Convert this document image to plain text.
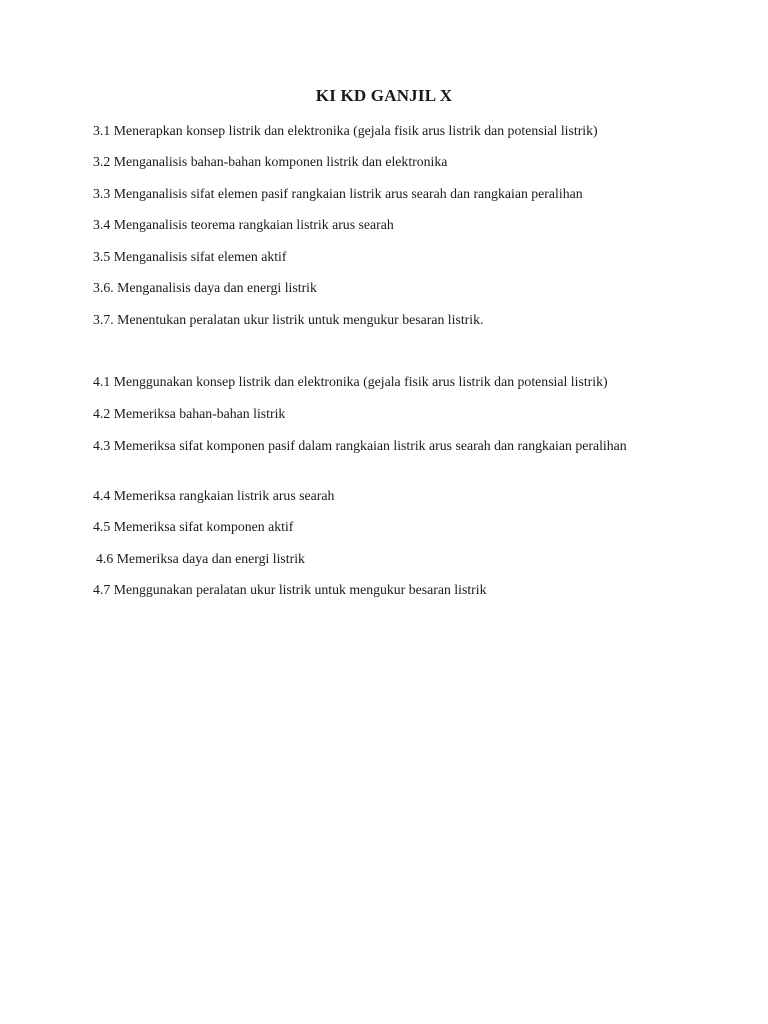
KI KD GANJIL X
3.1 Menerapkan konsep listrik dan elektronika (gejala fisik arus listrik dan potensial listrik)
3.2 Menganalisis bahan-bahan komponen listrik dan elektronika
3.3 Menganalisis sifat elemen pasif rangkaian listrik arus searah dan rangkaian peralihan
3.4 Menganalisis teorema rangkaian listrik arus searah
3.5 Menganalisis sifat elemen aktif
3.6. Menganalisis daya dan energi listrik
3.7. Menentukan peralatan ukur listrik untuk mengukur besaran listrik.
4.1 Menggunakan konsep listrik dan elektronika (gejala fisik arus listrik dan potensial listrik)
4.2 Memeriksa bahan-bahan listrik
4.3 Memeriksa sifat komponen pasif dalam rangkaian listrik arus searah dan rangkaian peralihan
4.4 Memeriksa rangkaian listrik arus searah
4.5 Memeriksa sifat komponen aktif
4.6 Memeriksa daya dan energi listrik
4.7 Menggunakan peralatan ukur listrik untuk mengukur besaran listrik
